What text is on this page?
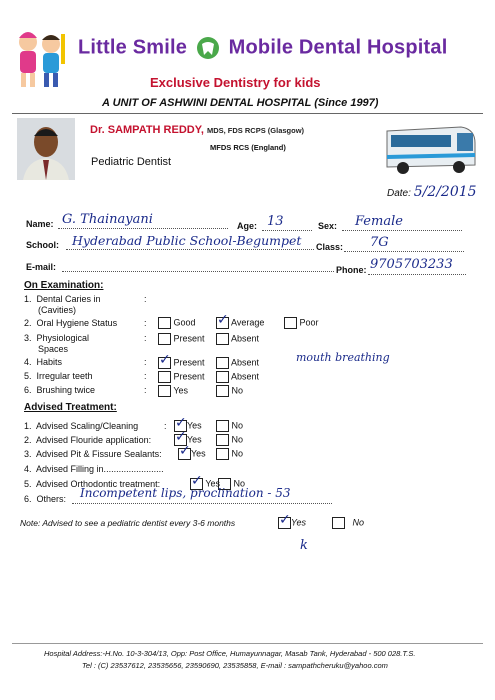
Little Smile Mobile Dental Hospital
Exclusive Dentistry for kids
A UNIT OF ASHWINI DENTAL HOSPITAL (Since 1997)
Dr. SAMPATH REDDY, MDS, FDS RCPS (Glasgow)
MFDS RCS (England)
Pediatric Dentist
Date: 5/2/2015
Name: G. Thainayani	Age: 13	Sex: Female
School: Hyderabad Public School-Begumpet Class: 7G
E-mail:	Phone: 9705703233
On Examination:
1. Dental Caries in
(Cavities)
:
2. Oral Hygiene Status	:	Good ✓ Average	Poor
3. Physiological
Spaces
:	Present	Absent
4. Habits	: ✓ Present	Absent	mouth breathing
5. Irregular teeth	:	Present	Absent
6. Brushing twice	:	Yes	No
Advised Treatment:
1. Advised Scaling/Cleaning	: ✓ Yes	No
2. Advised Flouride application: ✓ Yes	No
3. Advised Pit & Fissure Sealants: ✓ Yes	No
4. Advised Filling in........................
5. Advised Orthodontic treatment: ✓ Yes	No
6. Others: Incompetent lips, proclination - 53
Note: Advised to see a pediatric dentist every 3-6 months	✓ Yes	No
k
Hospital Address:-H.No. 10-3-304/13, Opp: Post Office, Humayunnagar, Masab Tank, Hyderabad - 500 028.T.S.
Tel : (C) 23537612, 23535656, 23590690, 23535858, E-mail : sampathcheruku@yahoo.com
